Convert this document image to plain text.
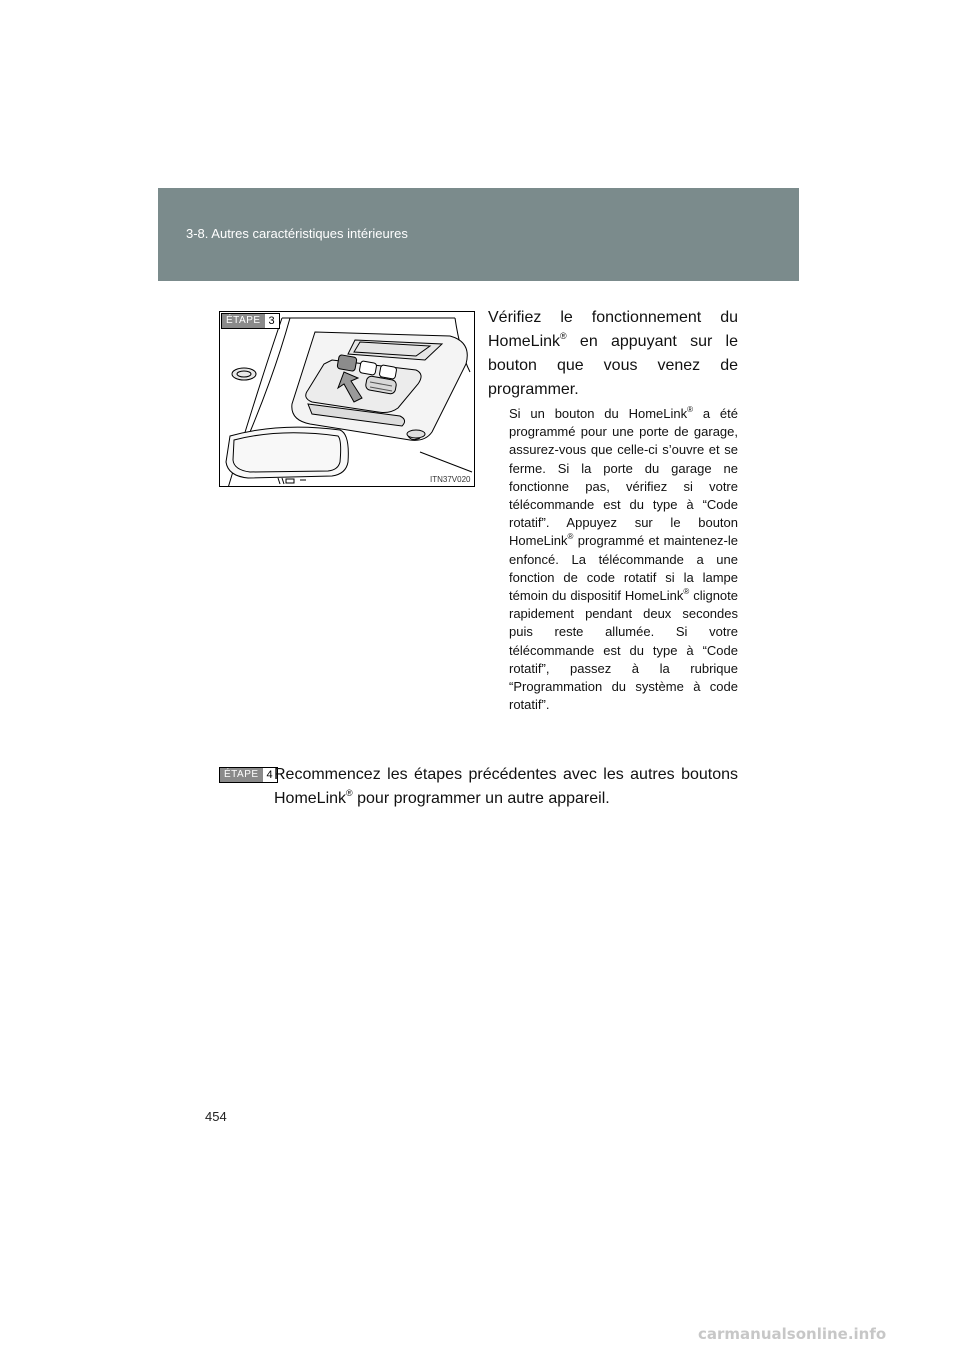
3-8. Autres caractéristiques intérieures
ÉTAPE 3
ITN37V020
Vérifiez le fonctionnement du HomeLink® en appuyant sur le bouton que vous venez de programmer.
Si un bouton du HomeLink® a été programmé pour une porte de garage, assurez-vous que celle-ci s’ouvre et se ferme. Si la porte du garage ne fonctionne pas, vérifiez si votre télécommande est du type à “Code rotatif”. Appuyez sur le bouton HomeLink® programmé et maintenez-le enfoncé. La télécommande a une fonction de code rotatif si la lampe témoin du dispositif HomeLink® clignote rapidement pendant deux secondes puis reste allumée. Si votre télécommande est du type à “Code rotatif”, passez à la rubrique “Programmation du système à code rotatif”.
ÉTAPE 4 Recommencez les étapes précédentes avec les autres boutons HomeLink® pour programmer un autre appareil.
454
carmanualsonline.info
